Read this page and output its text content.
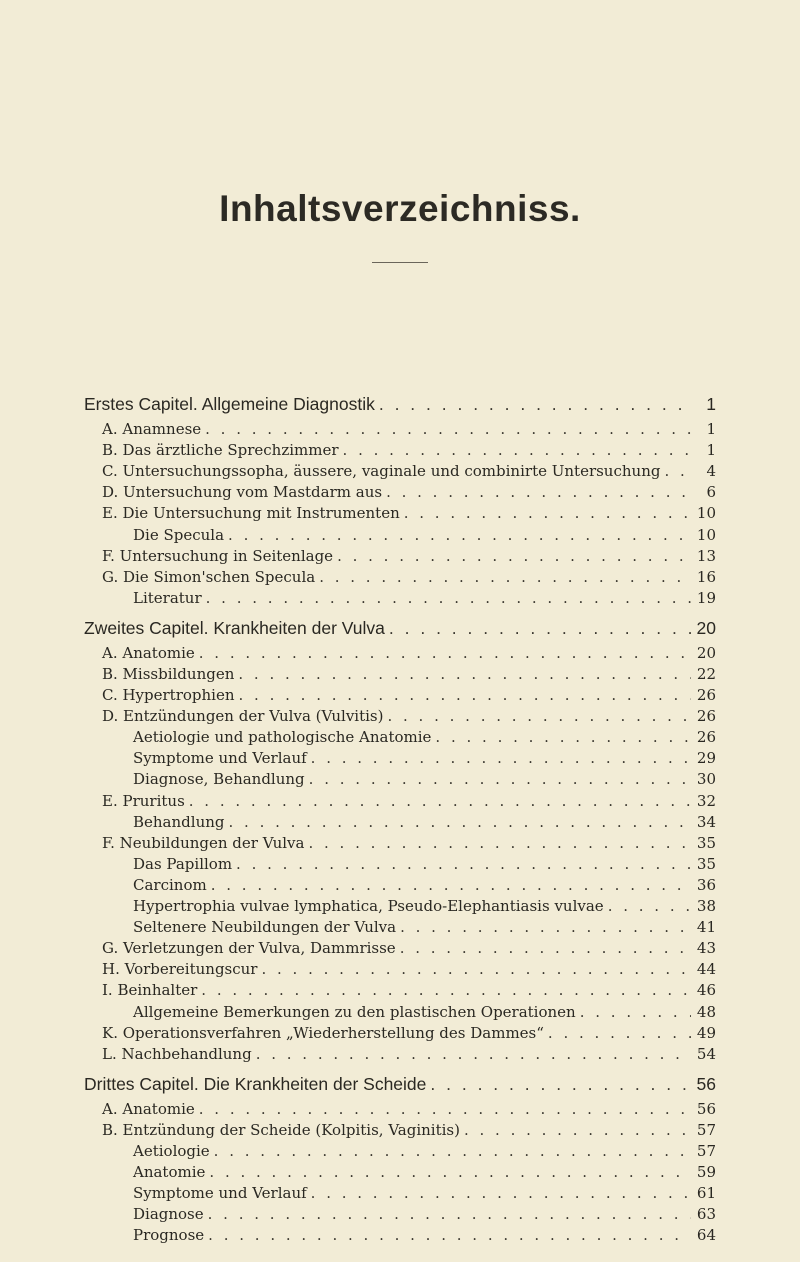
Inhaltsverzeichniss.
Erstes Capitel. Allgemeine Diagnostik . . .	1
A. Anamnese . . .	1
B. Das ärztliche Sprechzimmer . . .	1
C. Untersuchungssopha, äussere, vaginale und combinirte Untersuchung . . .	4
D. Untersuchung vom Mastdarm aus . . .	6
E. Die Untersuchung mit Instrumenten . . .	10
Die Specula . . .	10
F. Untersuchung in Seitenlage . . .	13
G. Die Simon'schen Specula . . .	16
Literatur . . .	19
Zweites Capitel. Krankheiten der Vulva . . .	20
A. Anatomie . . .	20
B. Missbildungen . . .	22
C. Hypertrophien . . .	26
D. Entzündungen der Vulva (Vulvitis) . . .	26
Aetiologie und pathologische Anatomie . . .	26
Symptome und Verlauf . . .	29
Diagnose, Behandlung . . .	30
E. Pruritus . . .	32
Behandlung . . .	34
F. Neubildungen der Vulva . . .	35
Das Papillom . . .	35
Carcinom . . .	36
Hypertrophia vulvae lymphatica, Pseudo-Elephantiasis vulvae . . .	38
Seltenere Neubildungen der Vulva . . .	41
G. Verletzungen der Vulva, Dammrisse . . .	43
H. Vorbereitungscur . . .	44
I. Beinhalter . . .	46
Allgemeine Bemerkungen zu den plastischen Operationen . . .	48
K. Operationsverfahren „Wiederherstellung des Dammes“ . . .	49
L. Nachbehandlung . . .	54
Drittes Capitel. Die Krankheiten der Scheide . . .	56
A. Anatomie . . .	56
B. Entzündung der Scheide (Kolpitis, Vaginitis) . . .	57
Aetiologie . . .	57
Anatomie . . .	59
Symptome und Verlauf . . .	61
Diagnose . . .	63
Prognose . . .	64
